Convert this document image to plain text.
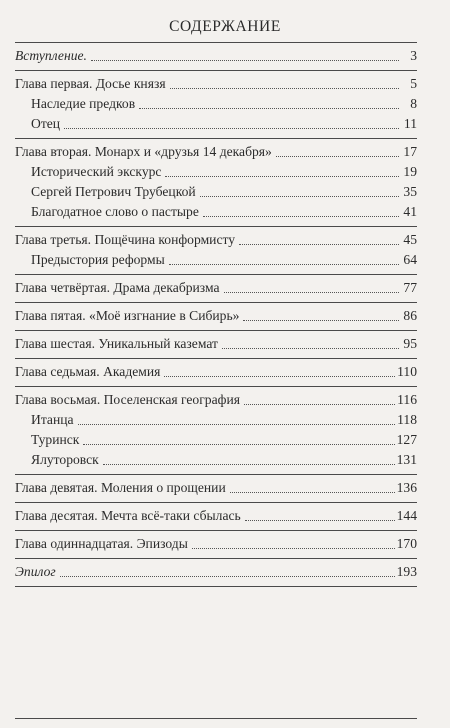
СОДЕРЖАНИЕ
Вступление.	3
Глава первая. Досье князя	5
Наследие предков	8
Отец	11
Глава вторая. Монарх и «друзья 14 декабря»	17
Исторический экскурс	19
Сергей Петрович Трубецкой	35
Благодатное слово о пастыре	41
Глава третья. Пощёчина конформисту	45
Предыстория реформы	64
Глава четвёртая. Драма декабризма	77
Глава пятая. «Моё изгнание в Сибирь»	86
Глава шестая. Уникальный каземат	95
Глава седьмая. Академия	110
Глава восьмая. Поселенская география	116
Итанца	118
Туринск	127
Ялуторовск	131
Глава девятая. Моления о прощении	136
Глава десятая. Мечта всё-таки сбылась	144
Глава одиннадцатая. Эпизоды	170
Эпилог	193
